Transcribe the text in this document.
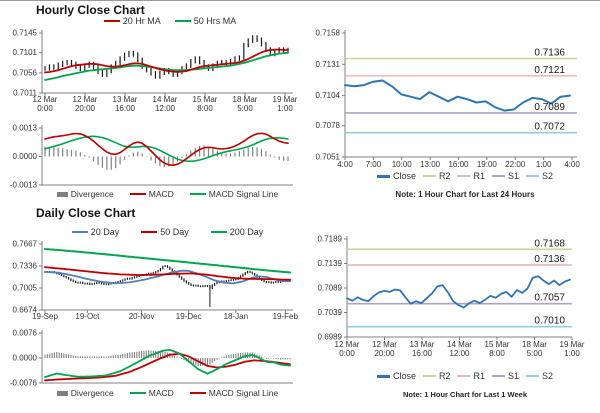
Hourly Close Chart
20 Hr MA	50 Hrs MA
0.7145
0.7101
0.7056
0.7011
12 Mar
0:00
12 Mar
20:00
13 Mar
16:00
14 Mar
12:00
15 Mar
8:00
18 Mar
5:00
19 Mar
1:00
0.0013
0.0000
-0.0013
Divergence	MACD	MACD Signal Line
0.7158
0.7131
0.7104
0.7078
0.7051
4:00 7:00 10:00 13:00 16:00 19:00 22:00 1:00 4:00
0.7136
0.7121
0.7089
0.7072
Close	R2	R1	S1	S2
Note: 1 Hour Chart for Last 24 Hours
Daily Close Chart
20 Day	50 Day	200 Day
0.7667
0.7336
0.7005
0.6674
19-Sep 19-Oct	20-Nov	19-Dec	18-Jan	19-Feb
0.0076
0.0000
-0.0076
Divergence	MACD	MACD Signal Line
0.7189
0.7139
0.7089
0.7039
0.6989
12 Mar
0:00
12 Mar
20:00
13 Mar
16:00
14 Mar
12:00
15 Mar
8:00
18 Mar
5:00
19 Mar
1:00
0.7168
0.7136
0.7057
0.7010
Close	R2	R1	S1	S2
Note: 1 Hour Chart for Last 1 Week
